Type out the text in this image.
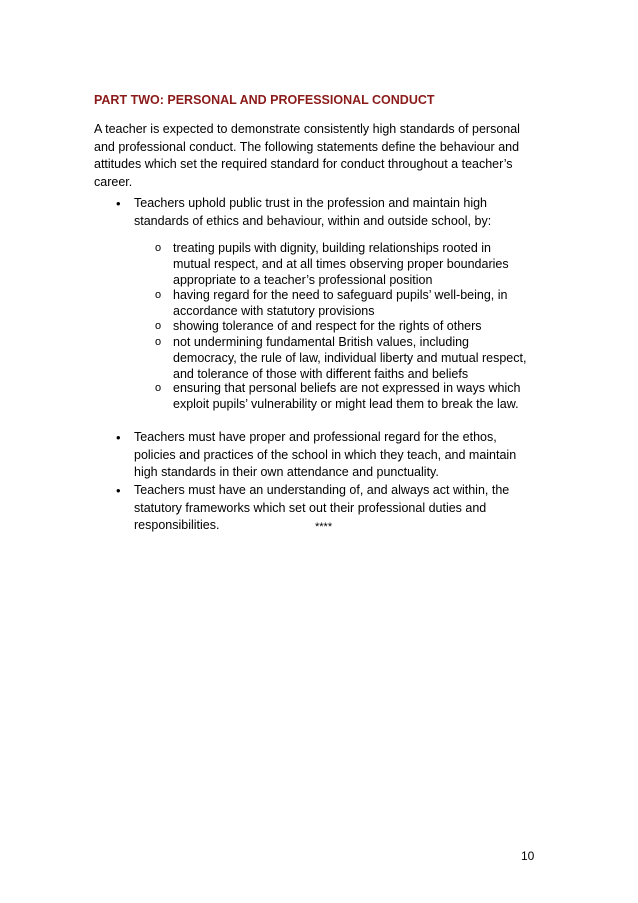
PART TWO: PERSONAL AND PROFESSIONAL CONDUCT
A teacher is expected to demonstrate consistently high standards of personal
and professional conduct. The following statements define the behaviour and
attitudes which set the required standard for conduct throughout a teacher’s
career.
• Teachers uphold public trust in the profession and maintain high
standards of ethics and behaviour, within and outside school, by:
o treating pupils with dignity, building relationships rooted in
mutual respect, and at all times observing proper boundaries
appropriate to a teacher’s professional position
o having regard for the need to safeguard pupils’ well-being, in
accordance with statutory provisions
o showing tolerance of and respect for the rights of others
o not undermining fundamental British values, including
democracy, the rule of law, individual liberty and mutual respect,
and tolerance of those with different faiths and beliefs
o ensuring that personal beliefs are not expressed in ways which
exploit pupils’ vulnerability or might lead them to break the law.
• Teachers must have proper and professional regard for the ethos,
policies and practices of the school in which they teach, and maintain
high standards in their own attendance and punctuality.
• Teachers must have an understanding of, and always act within, the
statutory frameworks which set out their professional duties and
responsibilities.	****
10
